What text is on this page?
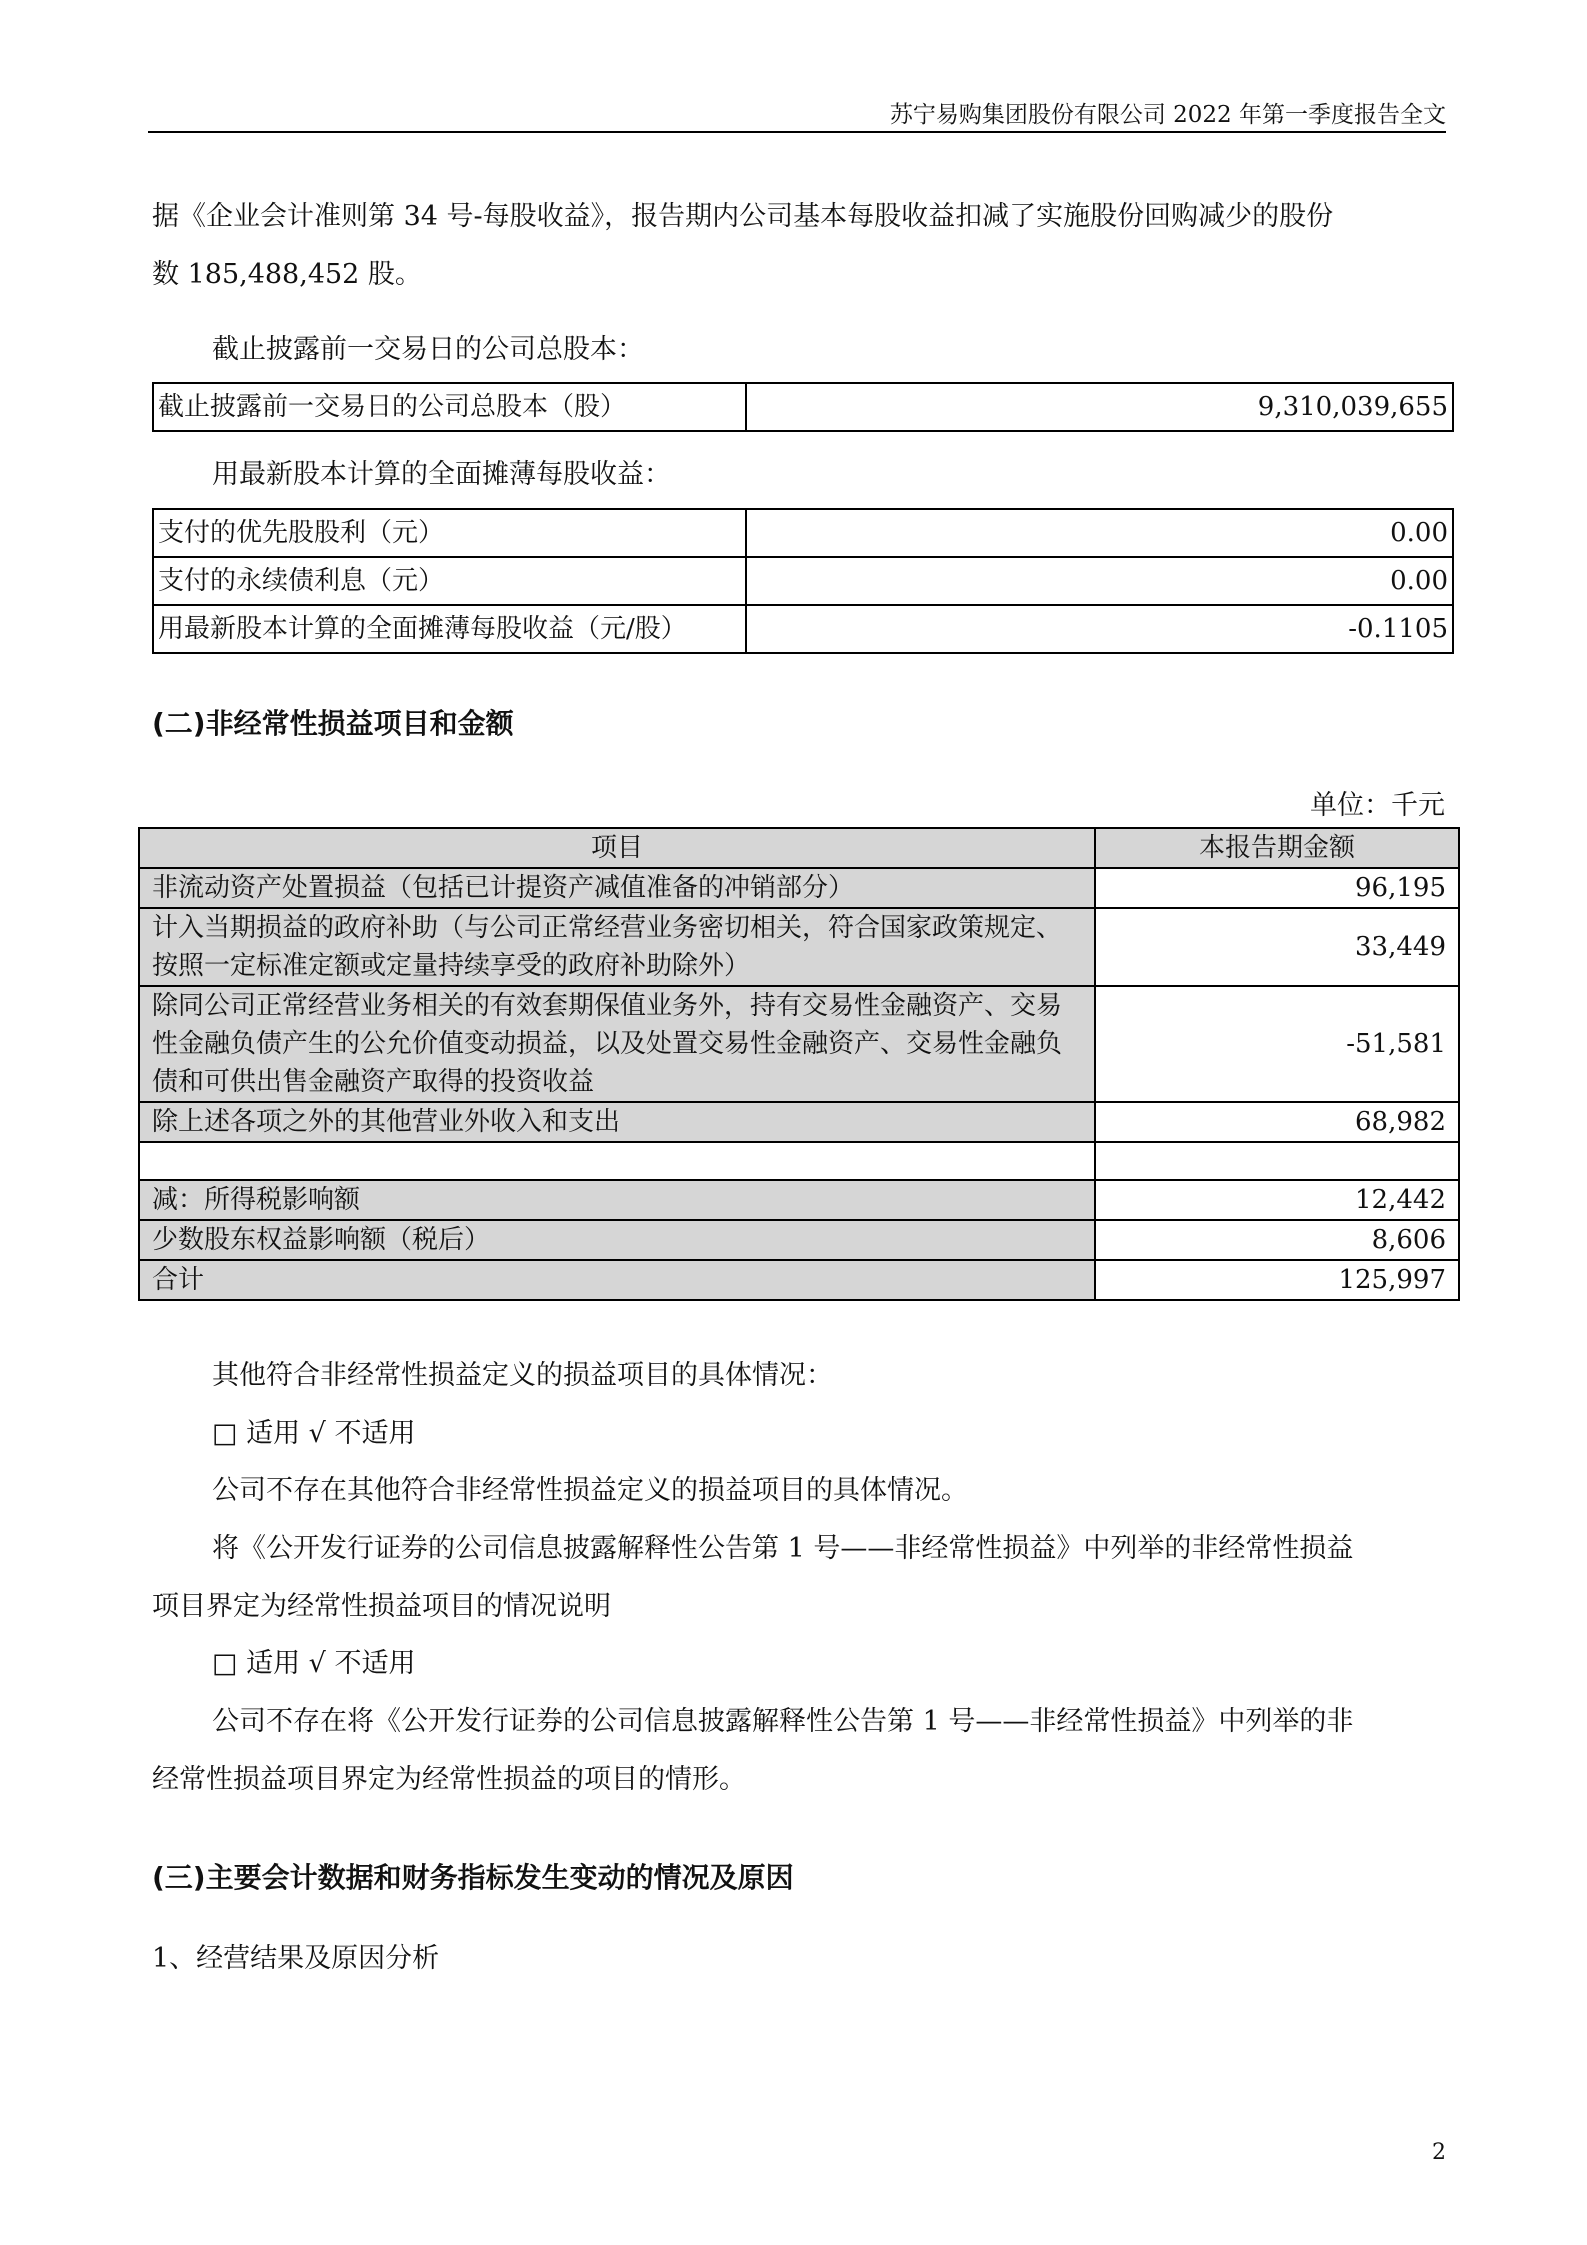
苏宁易购集团股份有限公司 2022 年第一季度报告全文
据《企业会计准则第 34 号-每股收益》，报告期内公司基本每股收益扣减了实施股份回购减少的股份
数 185,488,452 股。
截止披露前一交易日的公司总股本：
截止披露前一交易日的公司总股本（股）	9,310,039,655
用最新股本计算的全面摊薄每股收益：
支付的优先股股利（元）	0.00
支付的永续债利息（元）	0.00
用最新股本计算的全面摊薄每股收益（元/股）	-0.1105
(二)非经常性损益项目和金额
单位：千元
项目	本报告期金额
非流动资产处置损益（包括已计提资产减值准备的冲销部分）	96,195
计入当期损益的政府补助（与公司正常经营业务密切相关，符合国家政策规定、按照一定标准定额或定量持续享受的政府补助除外）	33,449
除同公司正常经营业务相关的有效套期保值业务外，持有交易性金融资产、交易性金融负债产生的公允价值变动损益，以及处置交易性金融资产、交易性金融负债和可供出售金融资产取得的投资收益	-51,581
除上述各项之外的其他营业外收入和支出	68,982

减：所得税影响额	12,442
少数股东权益影响额（税后）	8,606
合计	125,997
其他符合非经常性损益定义的损益项目的具体情况：
□ 适用 √ 不适用
公司不存在其他符合非经常性损益定义的损益项目的具体情况。
将《公开发行证券的公司信息披露解释性公告第 1 号——非经常性损益》中列举的非经常性损益
项目界定为经常性损益项目的情况说明
□ 适用 √ 不适用
公司不存在将《公开发行证券的公司信息披露解释性公告第 1 号——非经常性损益》中列举的非
经常性损益项目界定为经常性损益的项目的情形。
(三)主要会计数据和财务指标发生变动的情况及原因
1、经营结果及原因分析
2
